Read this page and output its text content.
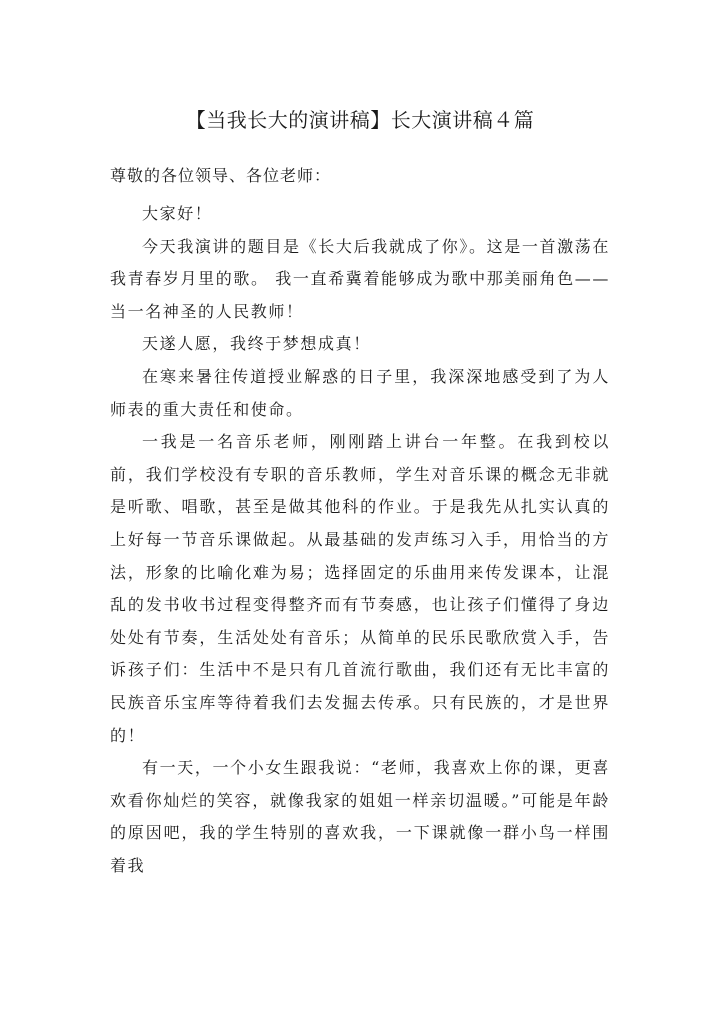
【当我长大的演讲稿】长大演讲稿４篇
尊敬的各位领导、各位老师：

大家好！

今天我演讲的题目是《长大后我就成了你》。这是一首激荡在我青春岁月里的歌。 我一直希冀着能够成为歌中那美丽角色——当一名神圣的人民教师！

天遂人愿，我终于梦想成真！

在寒来暑往传道授业解惑的日子里，我深深地感受到了为人师表的重大责任和使命。

一我是一名音乐老师，刚刚踏上讲台一年整。在我到校以前，我们学校没有专职的音乐教师，学生对音乐课的概念无非就是听歌、唱歌，甚至是做其他科的作业。于是我先从扎实认真的上好每一节音乐课做起。从最基础的发声练习入手，用恰当的方法，形象的比喻化难为易；选择固定的乐曲用来传发课本，让混乱的发书收书过程变得整齐而有节奏感，也让孩子们懂得了身边处处有节奏，生活处处有音乐；从简单的民乐民歌欣赏入手，告诉孩子们：生活中不是只有几首流行歌曲，我们还有无比丰富的民族音乐宝库等待着我们去发掘去传承。只有民族的，才是世界的！

有一天，一个小女生跟我说：“老师，我喜欢上你的课，更喜欢看你灿烂的笑容，就像我家的姐姐一样亲切温暖。”可能是年龄的原因吧，我的学生特别的喜欢我，一下课就像一群小鸟一样围着我
